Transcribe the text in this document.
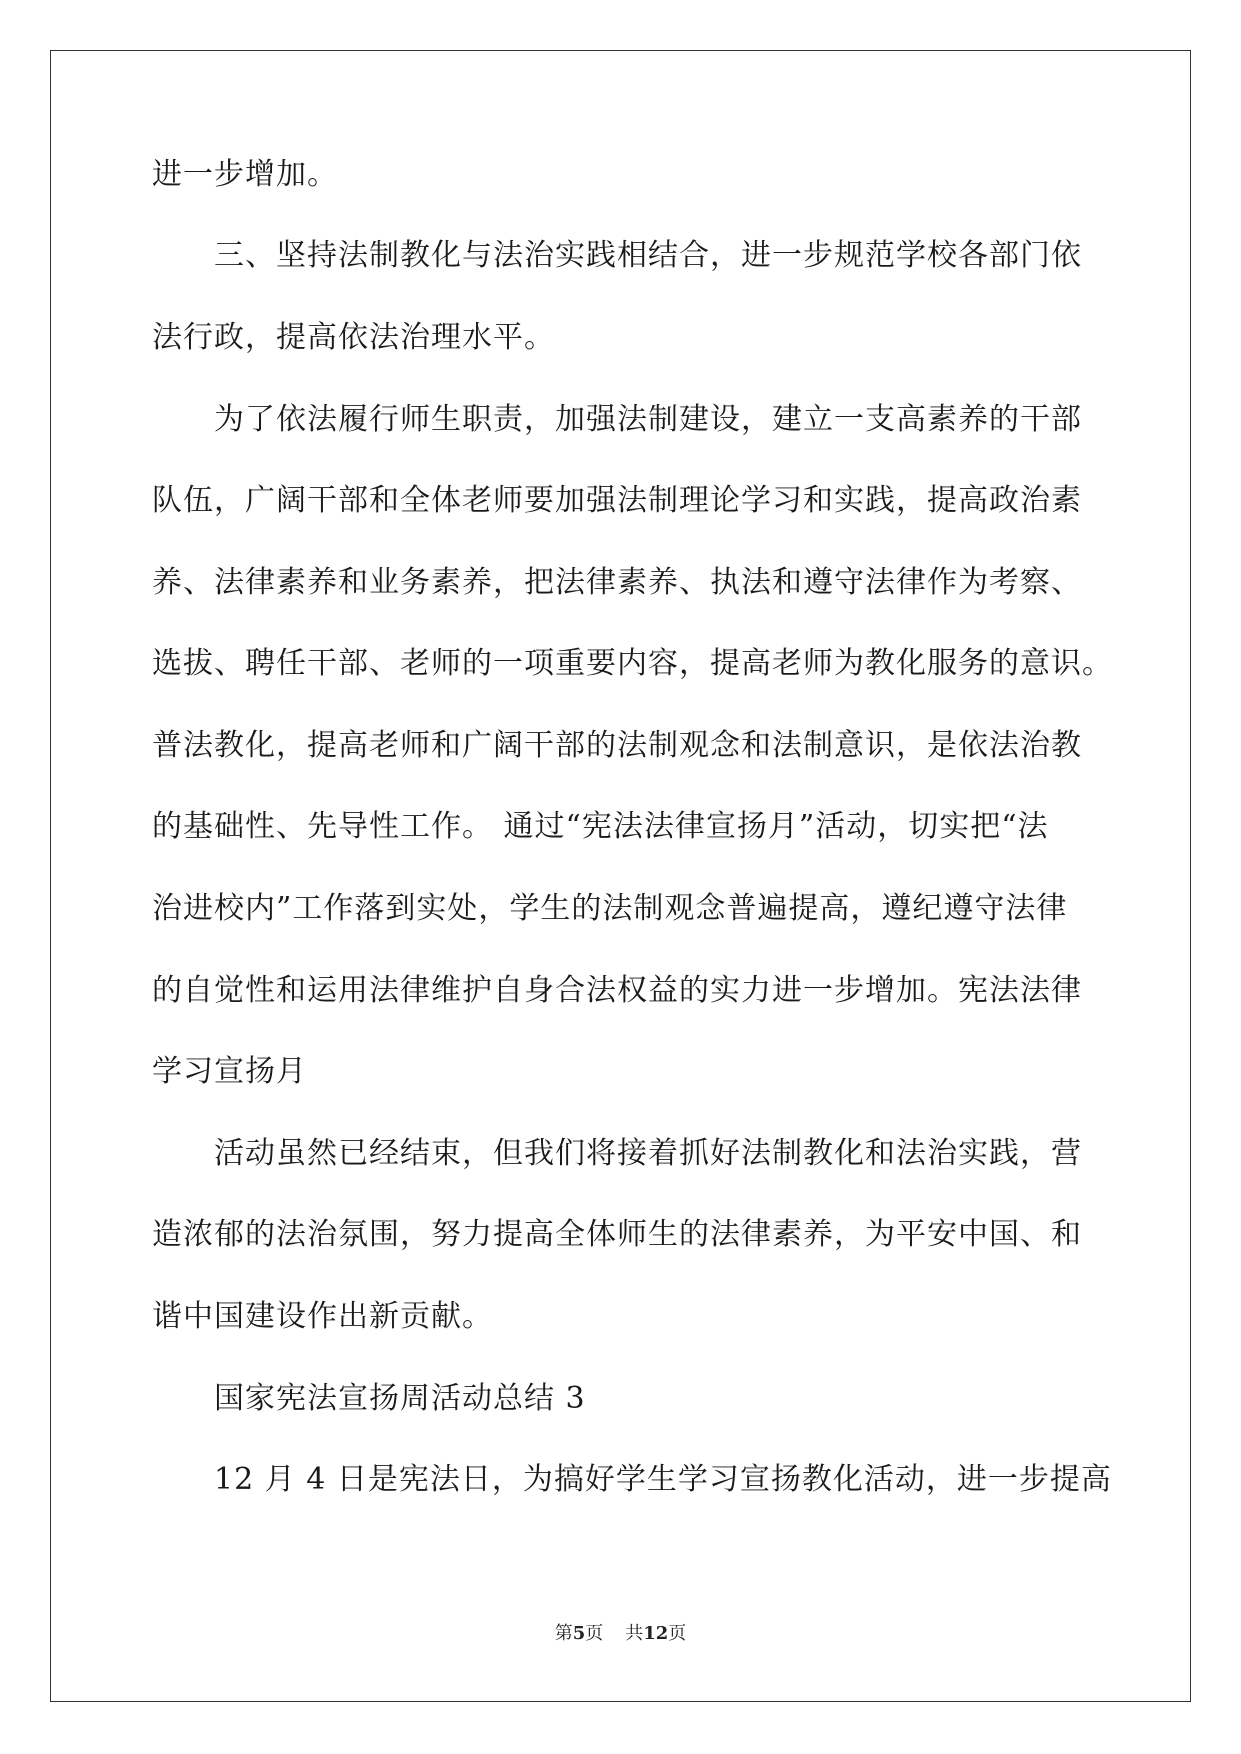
进一步增加。
三、坚持法制教化与法治实践相结合，进一步规范学校各部门依
法行政，提高依法治理水平。
为了依法履行师生职责，加强法制建设，建立一支高素养的干部
队伍，广阔干部和全体老师要加强法制理论学习和实践，提高政治素
养、法律素养和业务素养，把法律素养、执法和遵守法律作为考察、
选拔、聘任干部、老师的一项重要内容，提高老师为教化服务的意识。
普法教化，提高老师和广阔干部的法制观念和法制意识，是依法治教
的基础性、先导性工作。 通过“宪法法律宣扬月”活动，切实把“法
治进校内”工作落到实处，学生的法制观念普遍提高，遵纪遵守法律
的自觉性和运用法律维护自身合法权益的实力进一步增加。宪法法律
学习宣扬月
活动虽然已经结束，但我们将接着抓好法制教化和法治实践，营
造浓郁的法治氛围，努力提高全体师生的法律素养，为平安中国、和
谐中国建设作出新贡献。
国家宪法宣扬周活动总结 3
12 月 4 日是宪法日，为搞好学生学习宣扬教化活动，进一步提高
第5页 共12页
